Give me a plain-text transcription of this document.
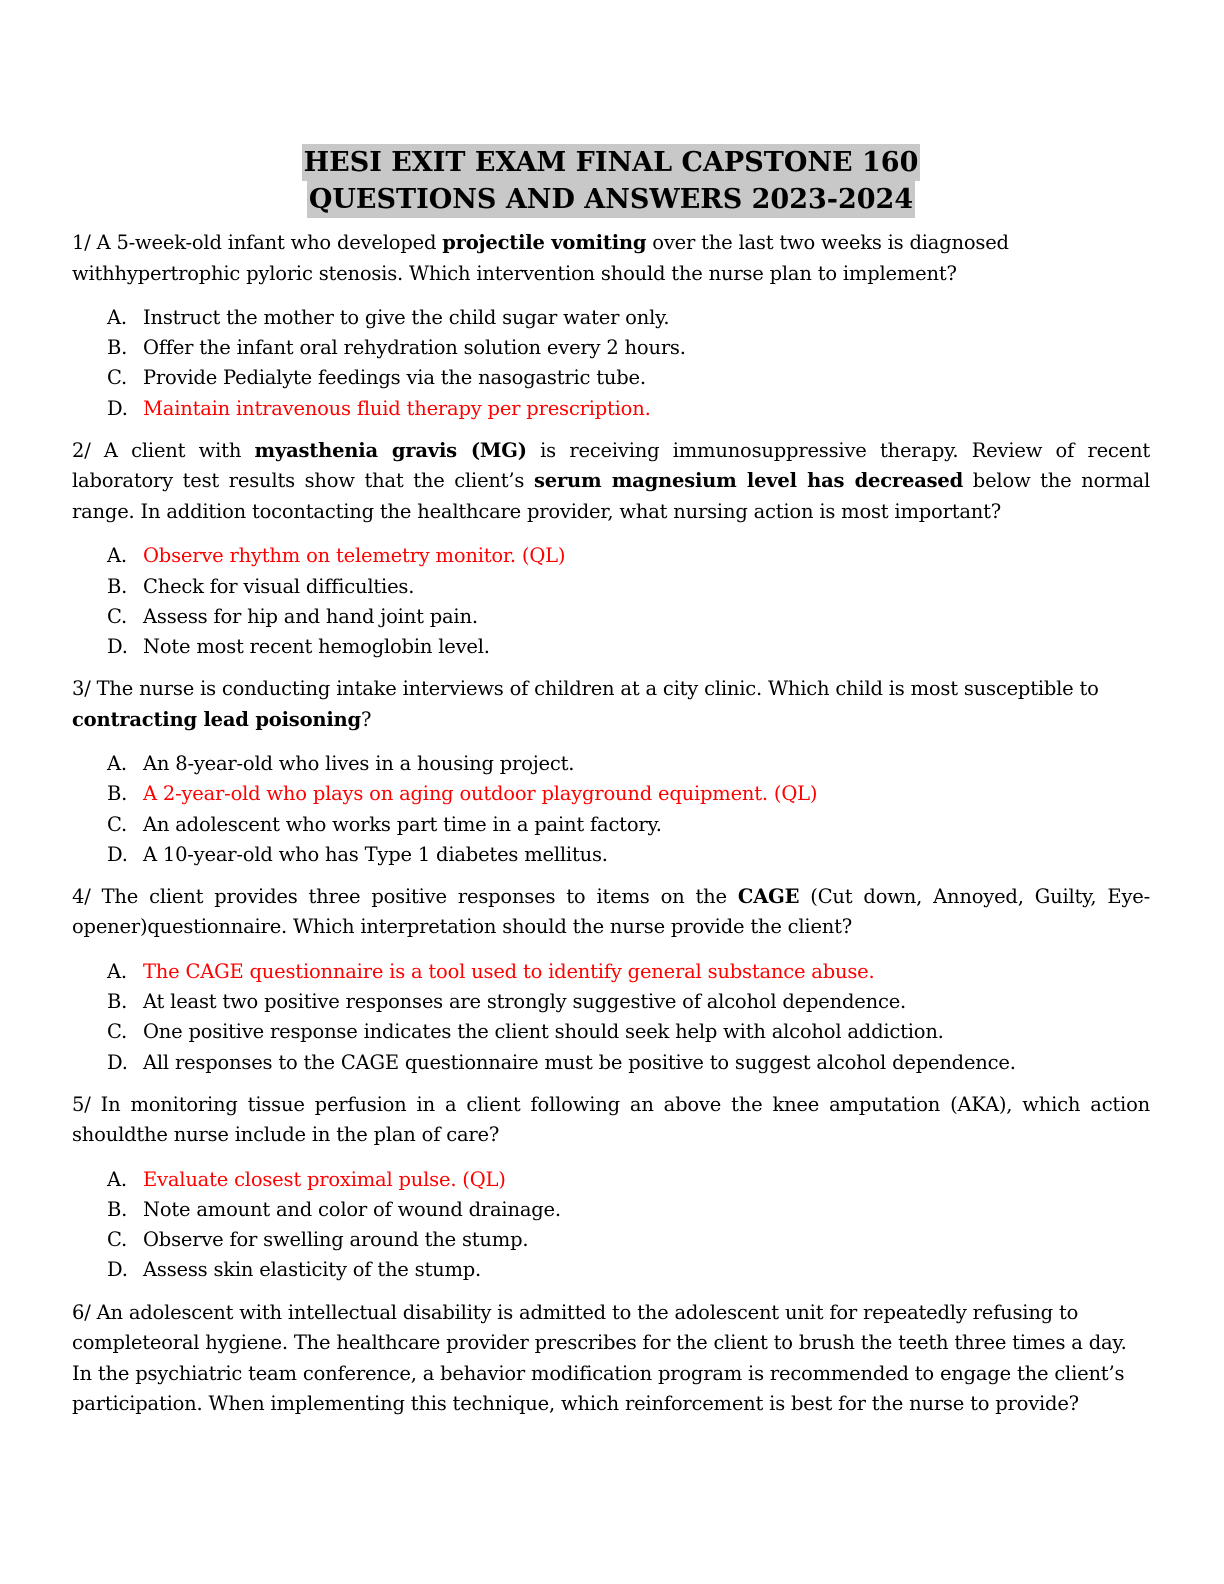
HESI EXIT EXAM FINAL CAPSTONE 160
QUESTIONS AND ANSWERS 2023-2024

1/ A 5-week-old infant who developed projectile vomiting over the last two weeks is diagnosed withhypertrophic pyloric stenosis. Which intervention should the nurse plan to implement?

A. Instruct the mother to give the child sugar water only.
B. Offer the infant oral rehydration solution every 2 hours.
C. Provide Pedialyte feedings via the nasogastric tube.
D. Maintain intravenous fluid therapy per prescription.

2/ A client with myasthenia gravis (MG) is receiving immunosuppressive therapy. Review of recent laboratory test results show that the client’s serum magnesium level has decreased below the normal range. In addition tocontacting the healthcare provider, what nursing action is most important?

A. Observe rhythm on telemetry monitor. (QL)
B. Check for visual difficulties.
C. Assess for hip and hand joint pain.
D. Note most recent hemoglobin level.

3/ The nurse is conducting intake interviews of children at a city clinic. Which child is most susceptible to contracting lead poisoning?

A. An 8-year-old who lives in a housing project.
B. A 2-year-old who plays on aging outdoor playground equipment. (QL)
C. An adolescent who works part time in a paint factory.
D. A 10-year-old who has Type 1 diabetes mellitus.

4/ The client provides three positive responses to items on the CAGE (Cut down, Annoyed, Guilty, Eye-opener)questionnaire. Which interpretation should the nurse provide the client?

A. The CAGE questionnaire is a tool used to identify general substance abuse.
B. At least two positive responses are strongly suggestive of alcohol dependence.
C. One positive response indicates the client should seek help with alcohol addiction.
D. All responses to the CAGE questionnaire must be positive to suggest alcohol dependence.

5/ In monitoring tissue perfusion in a client following an above the knee amputation (AKA), which action shouldthe nurse include in the plan of care?

A. Evaluate closest proximal pulse. (QL)
B. Note amount and color of wound drainage.
C. Observe for swelling around the stump.
D. Assess skin elasticity of the stump.

6/ An adolescent with intellectual disability is admitted to the adolescent unit for repeatedly refusing to completeoral hygiene. The healthcare provider prescribes for the client to brush the teeth three times a day. In the psychiatric team conference, a behavior modification program is recommended to engage the client’s participation. When implementing this technique, which reinforcement is best for the nurse to provide?
